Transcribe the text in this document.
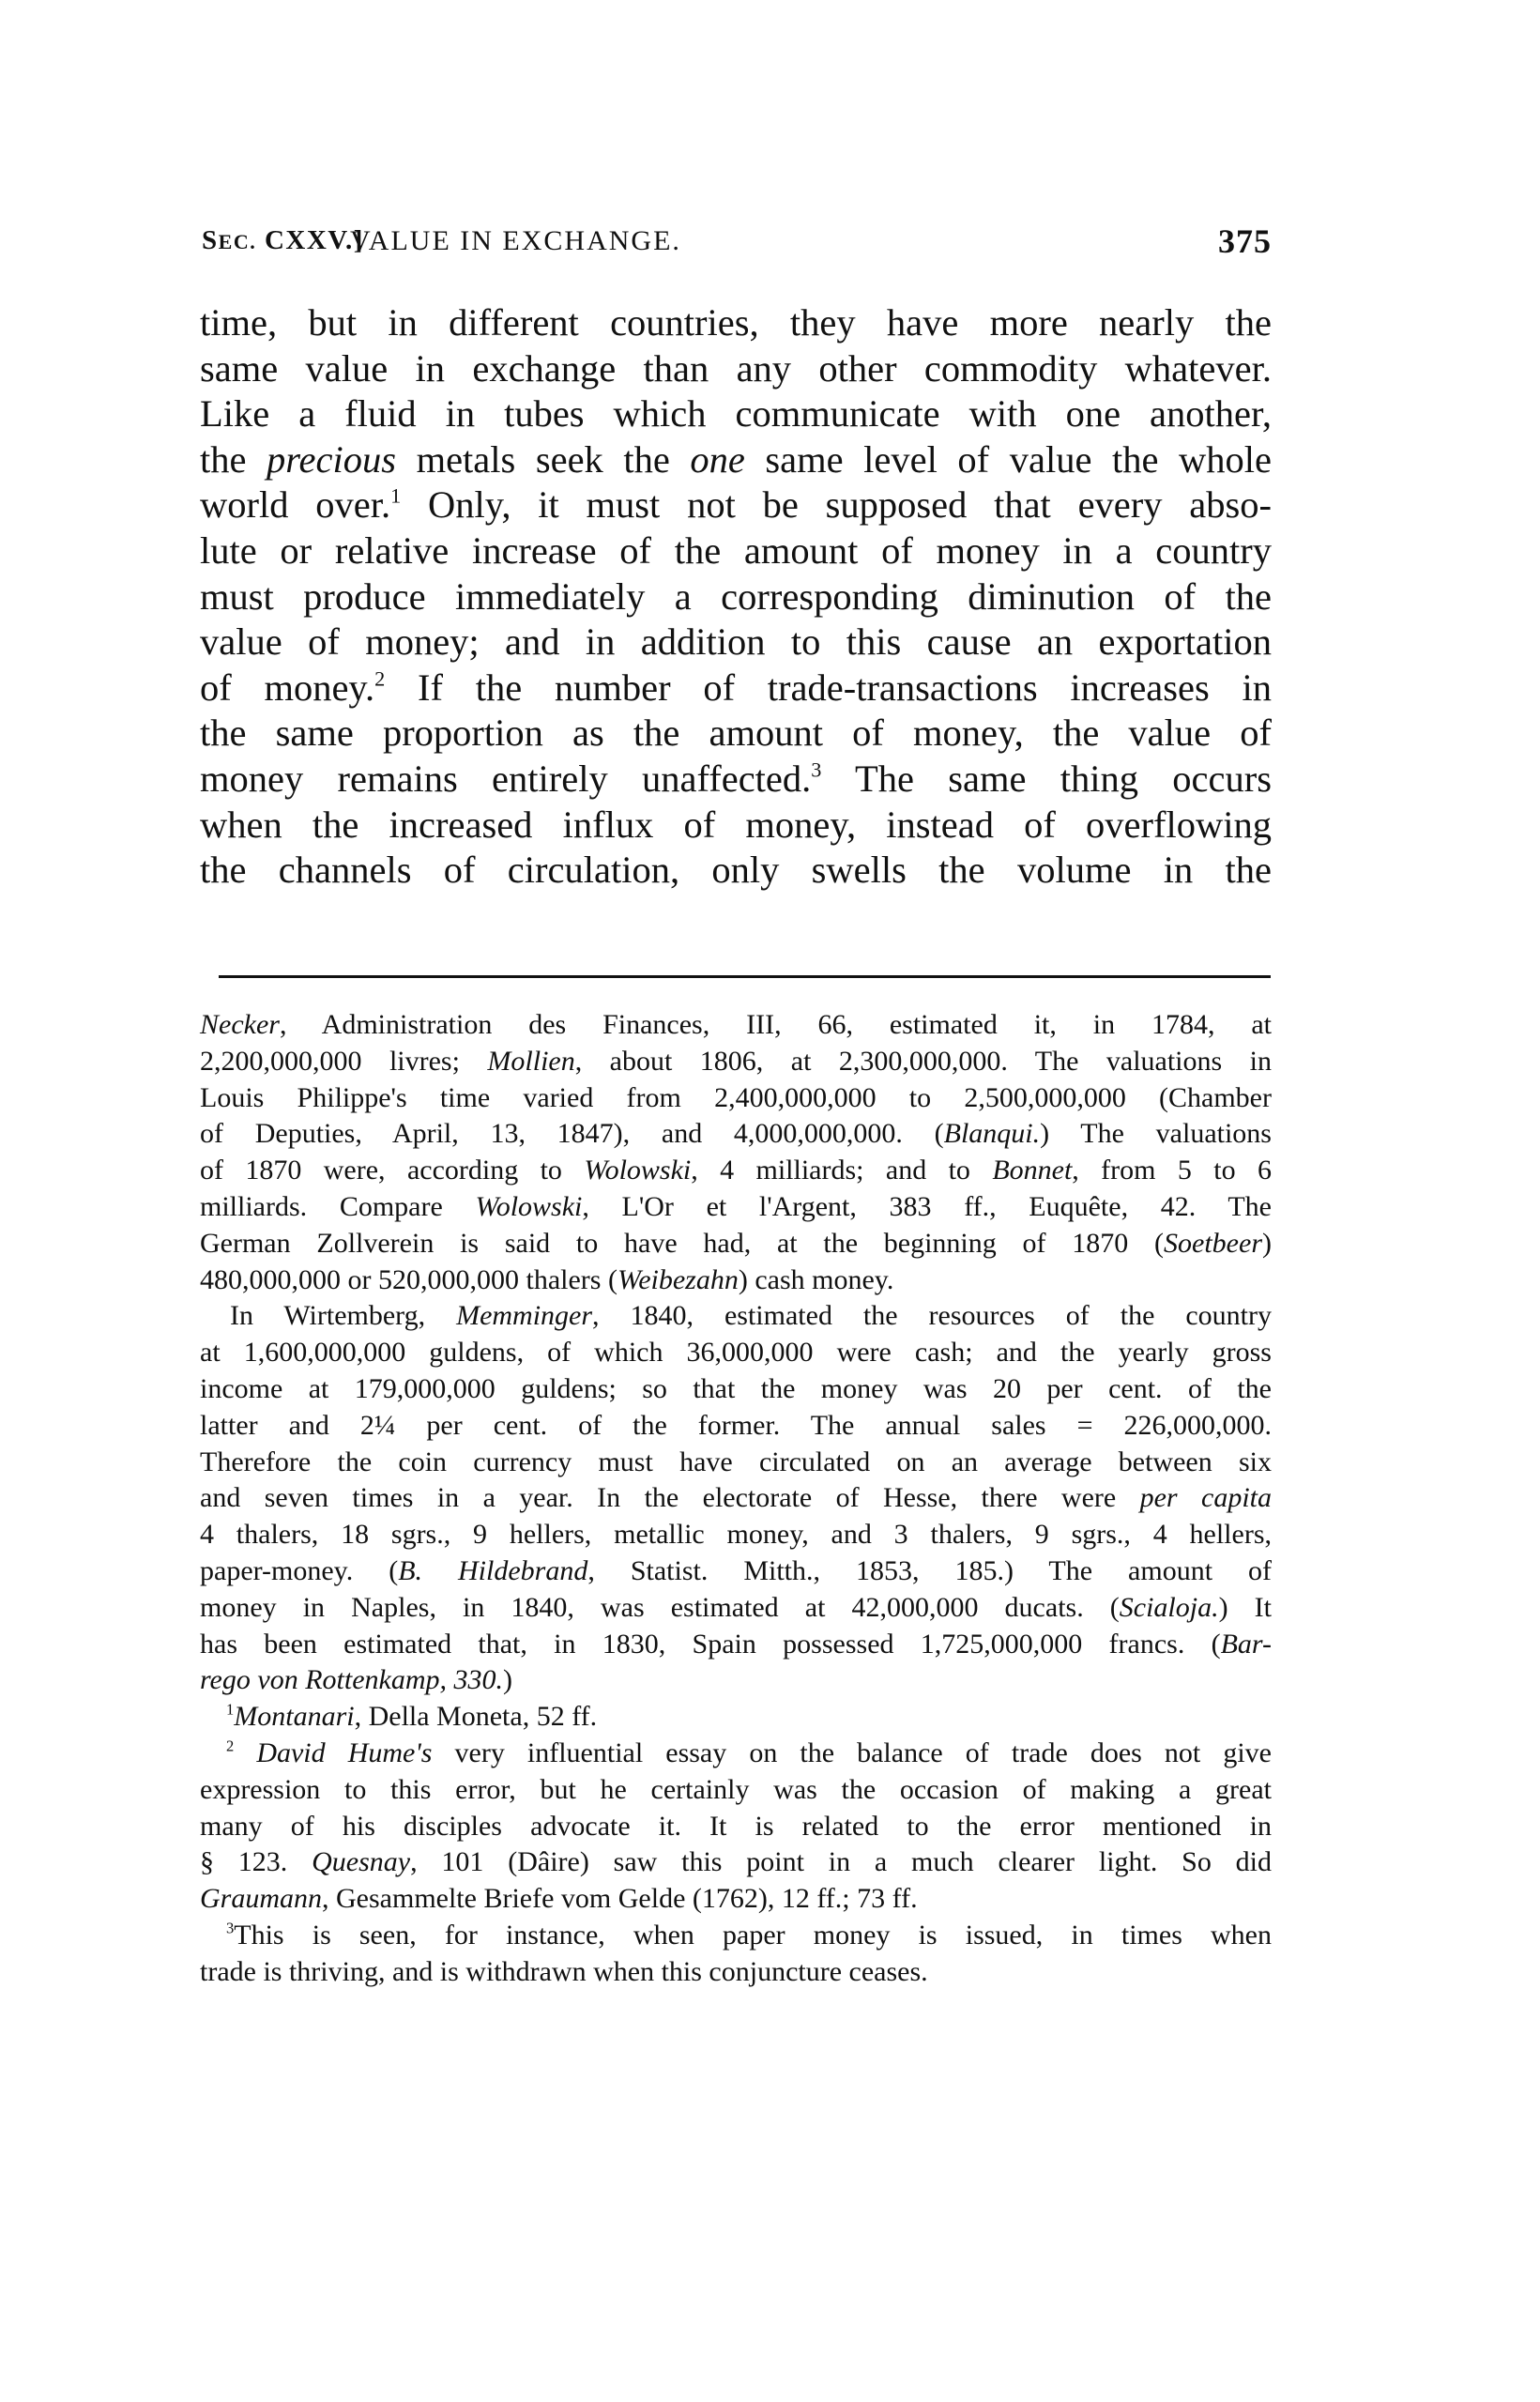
SEC. CXXV.]
VALUE IN EXCHANGE.	375
time, but in different countries, they have more nearly the
same value in exchange than any other commodity whatever.
Like a fluid in tubes which communicate with one another,
the precious metals seek the one same level of value the whole
world over.$^1$ Only, it must not be supposed that every abso-
lute or relative increase of the amount of money in a country
must produce immediately a corresponding diminution of the
value of money; and in addition to this cause an exportation
of money.$^2$ If the number of trade-transactions increases in
the same proportion as the amount of money, the value of
money remains entirely unaffected.$^3$ The same thing occurs
when the increased influx of money, instead of overflowing
the channels of circulation, only swells the volume in the
Necker, Administration des Finances, III, 66, estimated it, in 1784, at
2,200,000,000 livres; Mollien, about 1806, at 2,300,000,000. The valuations in
Louis Philippe's time varied from 2,400,000,000 to 2,500,000,000 (Chamber
of Deputies, April, 13, 1847), and 4,000,000,000. (Blanqui.) The valuations
of 1870 were, according to Wolowski, 4 milliards; and to Bonnet, from 5 to 6
milliards. Compare Wolowski, L'Or et l'Argent, 383 ff., Euquête, 42. The
German Zollverein is said to have had, at the beginning of 1870 (Soetbeer)
480,000,000 or 520,000,000 thalers (Weibezahn) cash money.
In Wirtemberg, Memminger, 1840, estimated the resources of the country
at 1,600,000,000 guldens, of which 36,000,000 were cash; and the yearly gross
income at 179,000,000 guldens; so that the money was 20 per cent. of the
latter and 2¼ per cent. of the former. The annual sales = 226,000,000.
Therefore the coin currency must have circulated on an average between six
and seven times in a year. In the electorate of Hesse, there were per capita
4 thalers, 18 sgrs., 9 hellers, metallic money, and 3 thalers, 9 sgrs., 4 hellers,
paper-money. (B. Hildebrand, Statist. Mitth., 1853, 185.) The amount of
money in Naples, in 1840, was estimated at 42,000,000 ducats. (Scialoja.) It
has been estimated that, in 1830, Spain possessed 1,725,000,000 francs. (Bar-
rego von Rottenkamp, 330.)
$^1$Montanari, Della Moneta, 52 ff.
$^2$ David Hume's very influential essay on the balance of trade does not give
expression to this error, but he certainly was the occasion of making a great
many of his disciples advocate it. It is related to the error mentioned in
§ 123. Quesnay, 101 (Dâire) saw this point in a much clearer light. So did
Graumann, Gesammelte Briefe vom Gelde (1762), 12 ff.; 73 ff.
$^3$This is seen, for instance, when paper money is issued, in times when
trade is thriving, and is withdrawn when this conjuncture ceases.
